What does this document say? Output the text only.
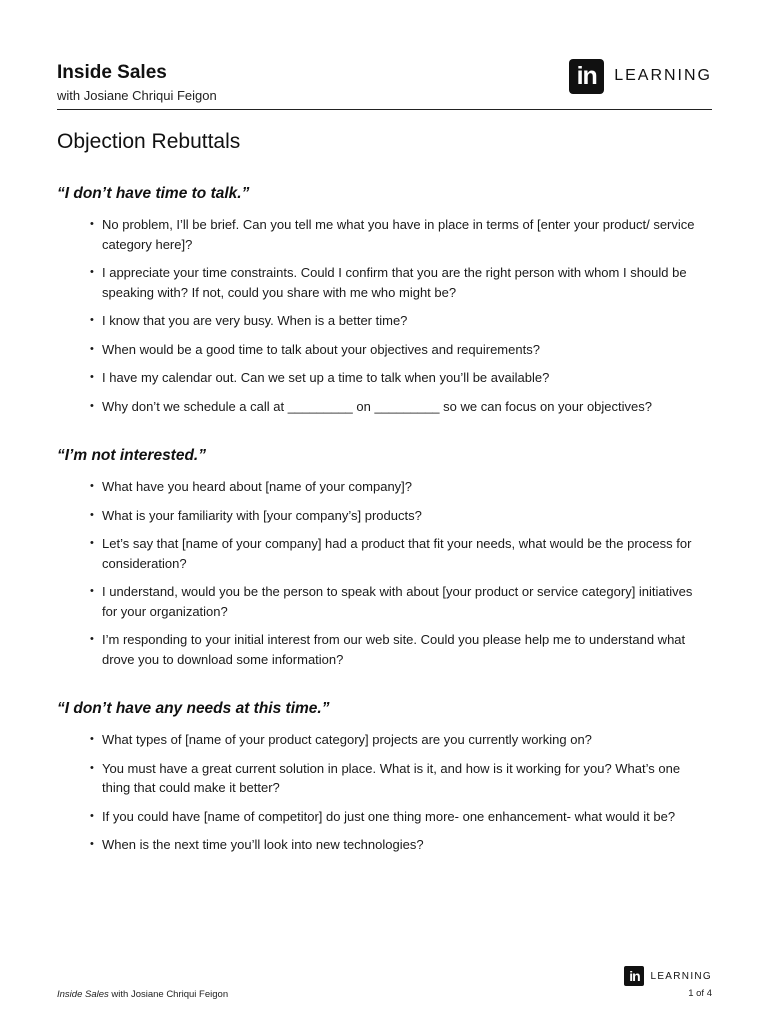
Inside Sales
with Josiane Chriqui Feigon
in	LEARNING
Objection Rebuttals
“I don’t have time to talk.”
• No problem, I’ll be brief. Can you tell me what you have in place in terms of [enter your product/ service category here]?
• I appreciate your time constraints. Could I confirm that you are the right person with whom I should be speaking with? If not, could you share with me who might be?
• I know that you are very busy. When is a better time?
• When would be a good time to talk about your objectives and requirements?
• I have my calendar out. Can we set up a time to talk when you’ll be available?
• Why don’t we schedule a call at _________ on _________ so we can focus on your objectives?
“I’m not interested.”
• What have you heard about [name of your company]?
• What is your familiarity with [your company’s] products?
• Let’s say that [name of your company] had a product that fit your needs, what would be the process for consideration?
• I understand, would you be the person to speak with about [your product or service category] initiatives for your organization?
• I’m responding to your initial interest from our web site. Could you please help me to understand what drove you to download some information?
“I don’t have any needs at this time.”
• What types of [name of your product category] projects are you currently working on?
• You must have a great current solution in place. What is it, and how is it working for you? What’s one thing that could make it better?
• If you could have [name of competitor] do just one thing more- one enhancement- what would it be?
• When is the next time you’ll look into new technologies?
in	LEARNING
Inside Sales with Josiane Chriqui Feigon	1 of 4
